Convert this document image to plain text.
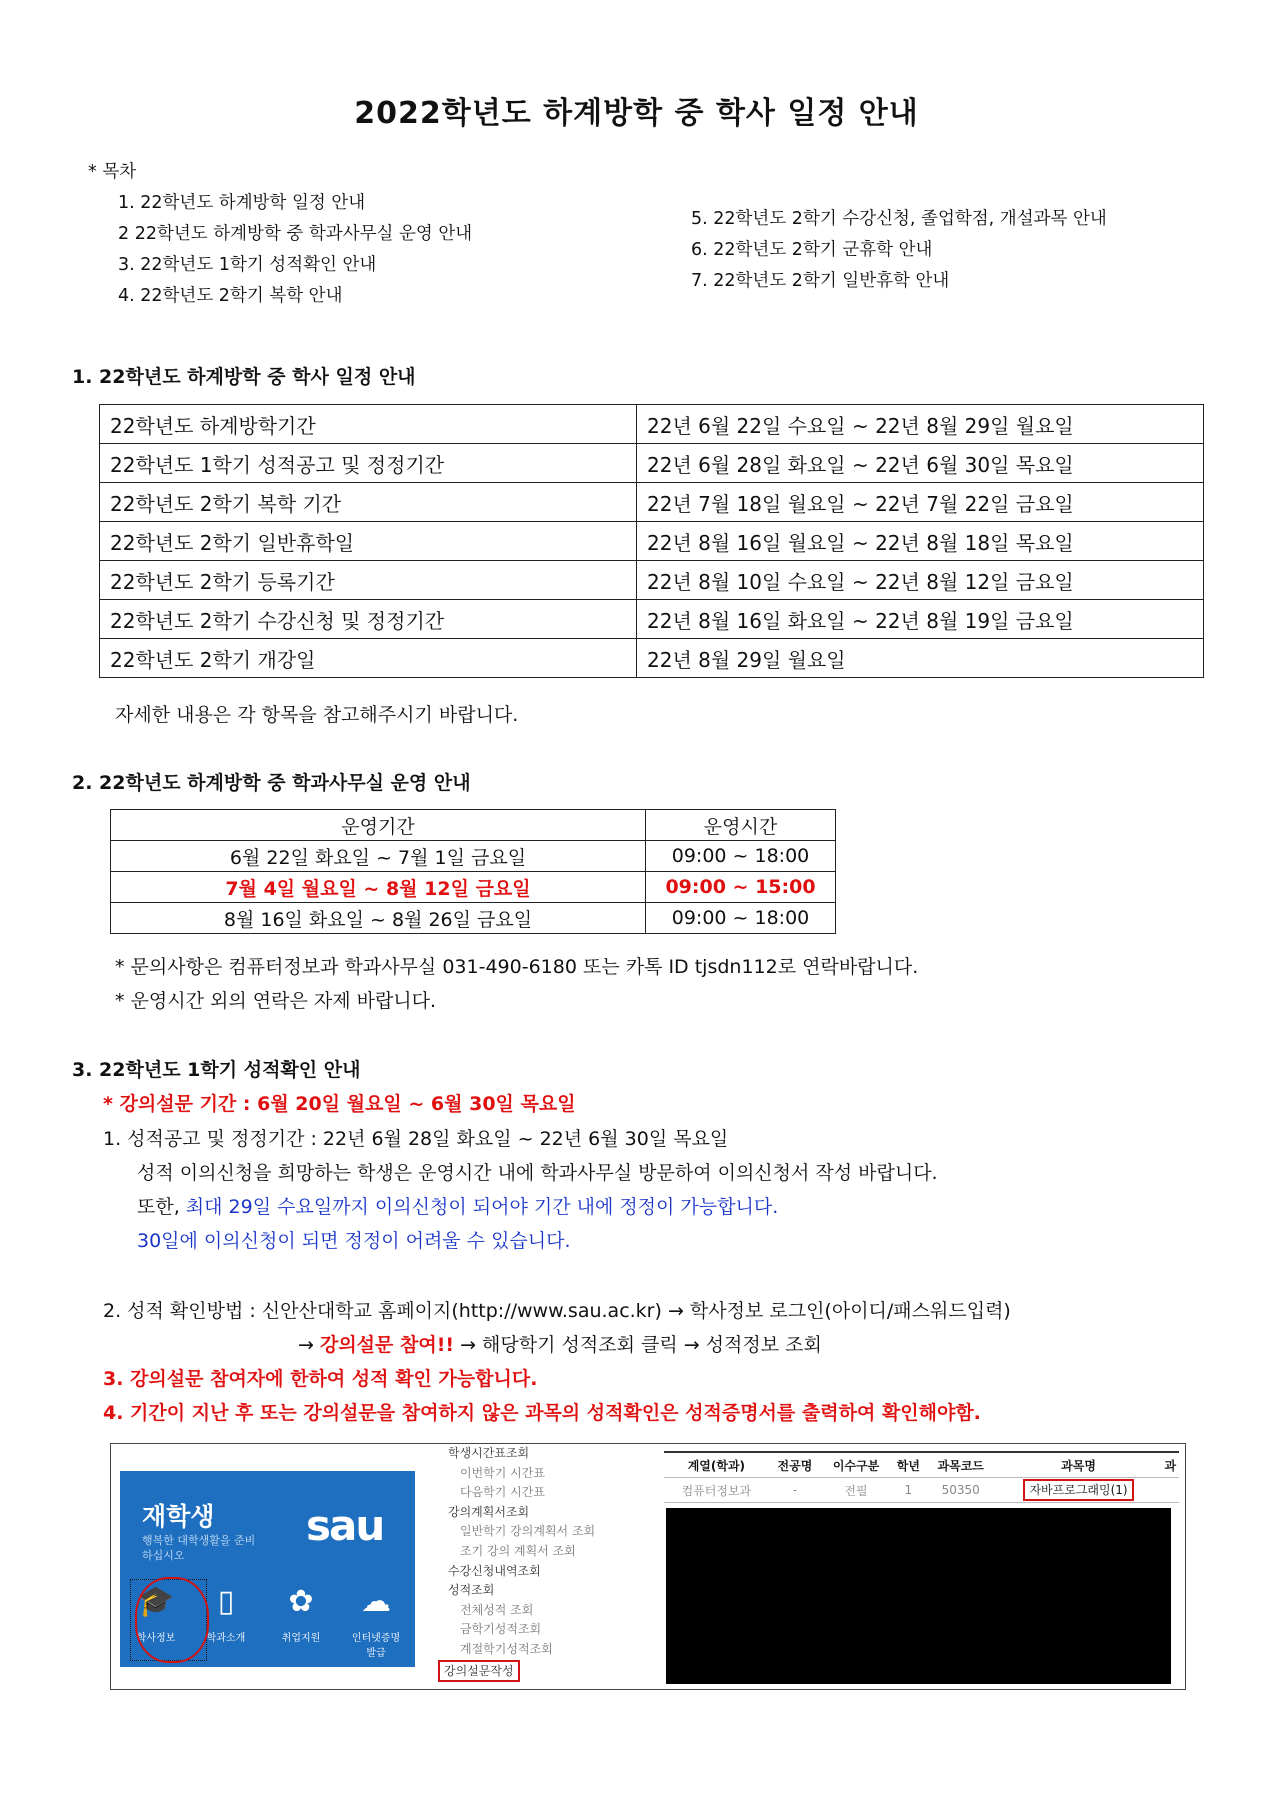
2022학년도 하계방학 중 학사 일정 안내
* 목차
1. 22학년도 하계방학 일정 안내
2 22학년도 하계방학 중 학과사무실 운영 안내
3. 22학년도 1학기 성적확인 안내
4. 22학년도 2학기 복학 안내
5. 22학년도 2학기 수강신청, 졸업학점, 개설과목 안내
6. 22학년도 2학기 군휴학 안내
7. 22학년도 2학기 일반휴학 안내
1. 22학년도 하계방학 중 학사 일정 안내
22학년도 하계방학기간	22년 6월 22일 수요일 ~ 22년 8월 29일 월요일
22학년도 1학기 성적공고 및 정정기간	22년 6월 28일 화요일 ~ 22년 6월 30일 목요일
22학년도 2학기 복학 기간	22년 7월 18일 월요일 ~ 22년 7월 22일 금요일
22학년도 2학기 일반휴학일	22년 8월 16일 월요일 ~ 22년 8월 18일 목요일
22학년도 2학기 등록기간	22년 8월 10일 수요일 ~ 22년 8월 12일 금요일
22학년도 2학기 수강신청 및 정정기간	22년 8월 16일 화요일 ~ 22년 8월 19일 금요일
22학년도 2학기 개강일	22년 8월 29일 월요일
자세한 내용은 각 항목을 참고해주시기 바랍니다.
2. 22학년도 하계방학 중 학과사무실 운영 안내
운영기간	운영시간
6월 22일 화요일 ~ 7월 1일 금요일	09:00 ~ 18:00
7월 4일 월요일 ~ 8월 12일 금요일	09:00 ~ 15:00
8월 16일 화요일 ~ 8월 26일 금요일	09:00 ~ 18:00
* 문의사항은 컴퓨터정보과 학과사무실 031-490-6180 또는 카톡 ID tjsdn112로 연락바랍니다.
* 운영시간 외의 연락은 자제 바랍니다.
3. 22학년도 1학기 성적확인 안내
* 강의설문 기간 : 6월 20일 월요일 ~ 6월 30일 목요일
1. 성적공고 및 정정기간 : 22년 6월 28일 화요일 ~ 22년 6월 30일 목요일
성적 이의신청을 희망하는 학생은 운영시간 내에 학과사무실 방문하여 이의신청서 작성 바랍니다.
또한, 최대 29일 수요일까지 이의신청이 되어야 기간 내에 정정이 가능합니다.
30일에 이의신청이 되면 정정이 어려울 수 있습니다.
2. 성적 확인방법 : 신안산대학교 홈페이지(http://www.sau.ac.kr) → 학사정보 로그인(아이디/패스워드입력)
→ 강의설문 참여!! → 해당학기 성적조회 클릭 → 성적정보 조회
3. 강의설문 참여자에 한하여 성적 확인 가능합니다.
4. 기간이 지난 후 또는 강의설문을 참여하지 않은 과목의 성적확인은 성적증명서를 출력하여 확인해야함.
재학생
행복한 대학생활을 준비하십시오
sau
🎓
학사정보
▯
학과소개
✿
취업지원
☁
인터넷증명발급
학생시간표조회
이번학기 시간표
다음학기 시간표
강의계획서조회
일반학기 강의계획서 조회
조기 강의 계획서 조회
수강신청내역조회
성적조회
전체성적 조회
금학기성적조회
계절학기성적조회
강의설문작성
계열(학과)	전공명	이수구분	학년	과목코드	과목명	과
컴퓨터정보과	-	전필	1	50350	자바프로그래밍(1)	
